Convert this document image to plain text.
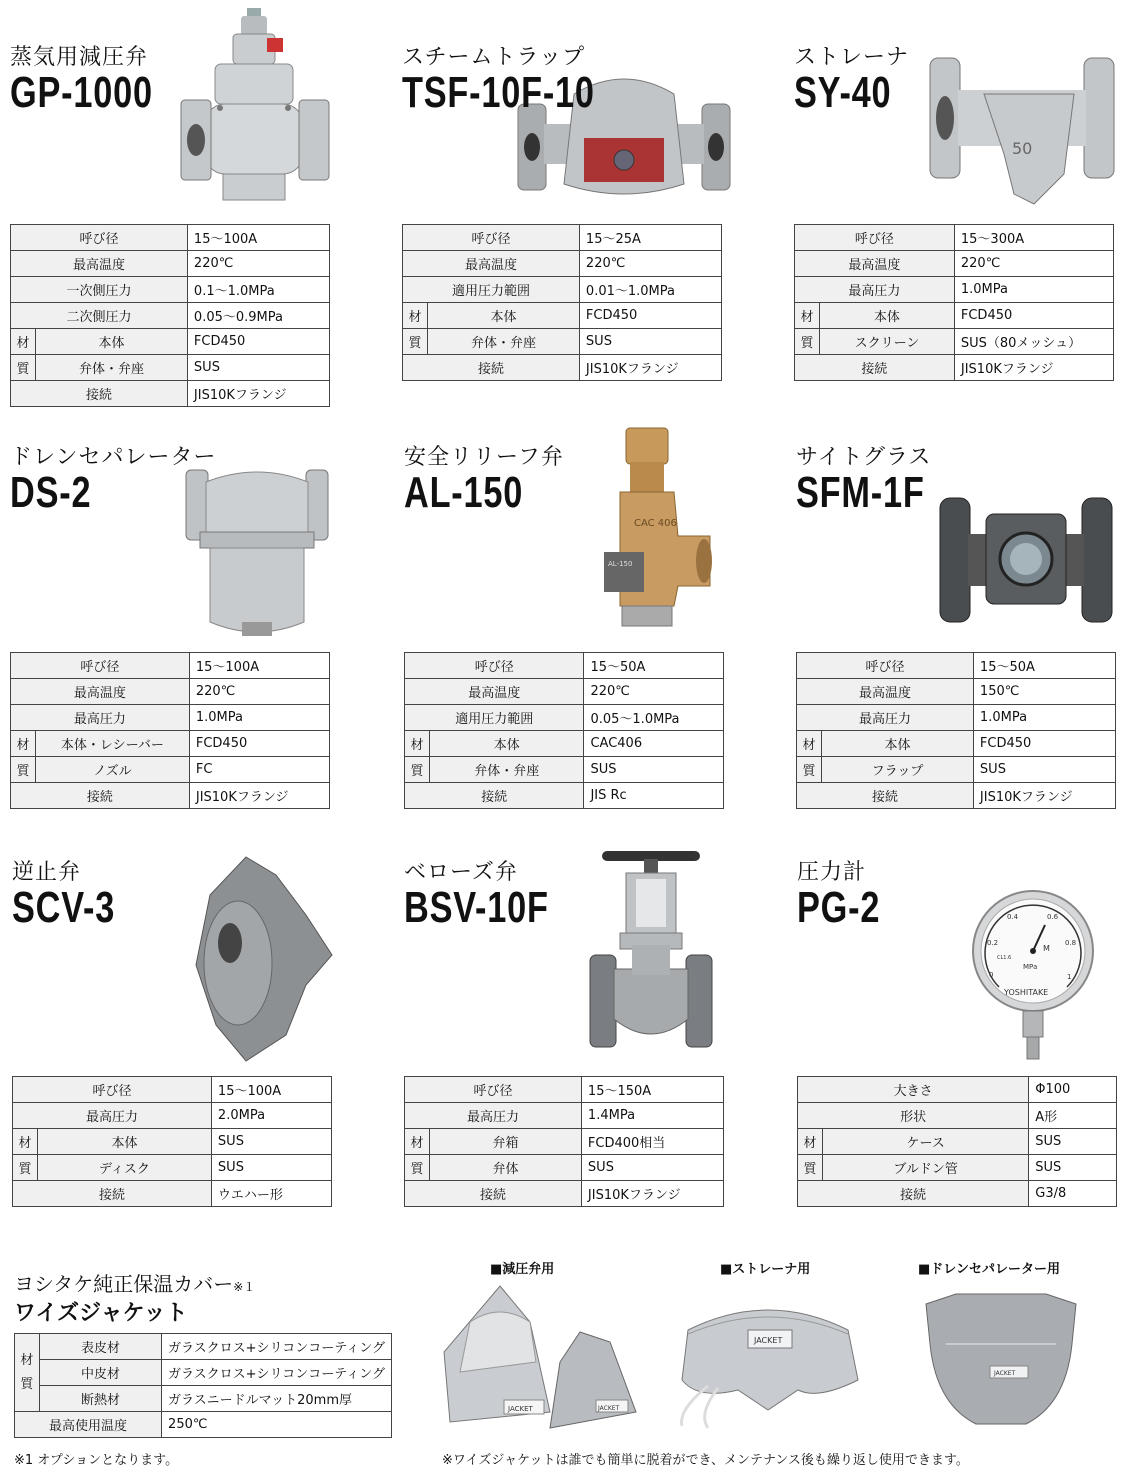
蒸気用減圧弁
GP-1000
呼び径		15～100A
最高温度		220℃
一次側圧力		0.1～1.0MPa
二次側圧力		0.05～0.9MPa
材	本体	FCD450
質	弁体・弁座	SUS
接続		JIS10Kフランジ
スチームトラップ
TSF-10F-10
呼び径		15～25A
最高温度		220℃
適用圧力範囲		0.01～1.0MPa
材	本体	FCD450
質	弁体・弁座	SUS
接続		JIS10Kフランジ
ストレーナ
SY-40
50
呼び径		15～300A
最高温度		220℃
最高圧力		1.0MPa
材	本体	FCD450
質	スクリーン	SUS（80メッシュ）
接続		JIS10Kフランジ
ドレンセパレーター
DS-2
呼び径		15～100A
最高温度		220℃
最高圧力		1.0MPa
材	本体・レシーバー	FCD450
質	ノズル	FC
接続		JIS10Kフランジ
安全リリーフ弁
AL-150
CAC 406
AL-150
呼び径		15～50A
最高温度		220℃
適用圧力範囲		0.05～1.0MPa
材	本体	CAC406
質	弁体・弁座	SUS
接続		JIS Rc
サイトグラス
SFM-1F
呼び径		15～50A
最高温度		150℃
最高圧力		1.0MPa
材	本体	FCD450
質	フラップ	SUS
接続		JIS10Kフランジ
逆止弁
SCV-3
呼び径		15～100A
最高圧力		2.0MPa
材	本体	SUS
質	ディスク	SUS
接続		ウエハー形
ベローズ弁
BSV-10F
呼び径		15～150A
最高圧力		1.4MPa
材	弁箱	FCD400相当
質	弁体	SUS
接続		JIS10Kフランジ
圧力計
PG-2
0
0.2
0.4	0.6
0.8
1
CL1.6
M
MPa
YOSHITAKE
大きさ		Φ100
形状		A形
材	ケース	SUS
質	ブルドン管	SUS
接続		G3/8
ヨシタケ純正保温カバー※１
ワイズジャケット
材
質	表皮材	ガラスクロス+シリコンコーティング
	中皮材	ガラスクロス+シリコンコーティング
	断熱材	ガラスニードルマット20mm厚
最高使用温度		250℃
※1 オプションとなります。
■減圧弁用	■ストレーナ用	■ドレンセパレーター用
JACKET	JACKET
JACKET
JACKET
※ワイズジャケットは誰でも簡単に脱着ができ、メンテナンス後も繰り返し使用できます。
